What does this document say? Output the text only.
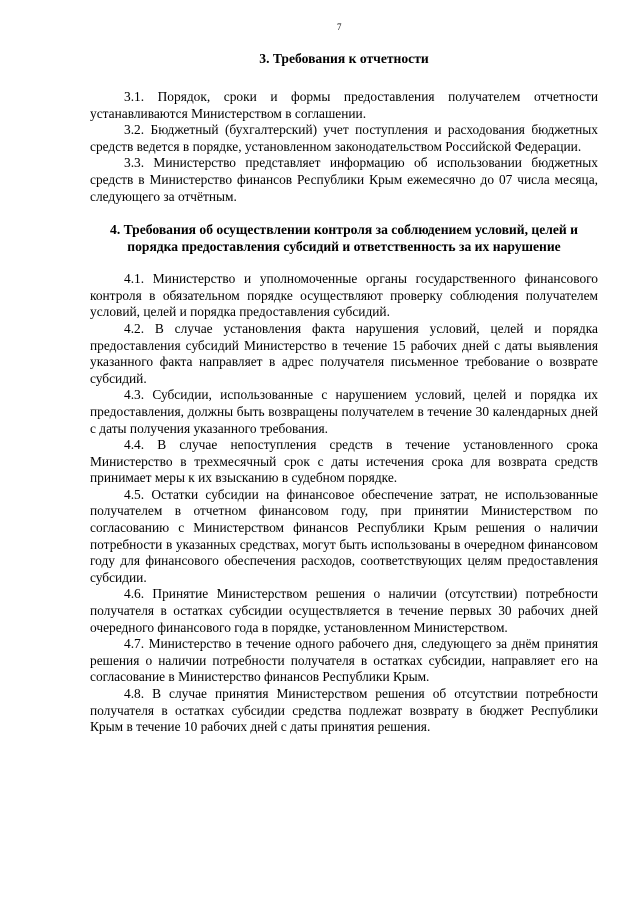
7
3. Требования к отчетности

3.1. Порядок, сроки и формы предоставления получателем отчетности устанавливаются Министерством в соглашении.

3.2. Бюджетный (бухгалтерский) учет поступления и расходования бюджетных средств ведется в порядке, установленном законодательством Российской Федерации.

3.3. Министерство представляет информацию об использовании бюджетных средств в Министерство финансов Республики Крым ежемесячно до 07 числа месяца, следующего за отчётным.

4. Требования об осуществлении контроля за соблюдением условий, целей и порядка предоставления субсидий и ответственность за их нарушение

4.1. Министерство и уполномоченные органы государственного финансового контроля в обязательном порядке осуществляют проверку соблюдения получателем условий, целей и порядка предоставления субсидий.

4.2. В случае установления факта нарушения условий, целей и порядка предоставления субсидий Министерство в течение 15 рабочих дней с даты выявления указанного факта направляет в адрес получателя письменное требование о возврате субсидий.

4.3. Субсидии, использованные с нарушением условий, целей и порядка их предоставления, должны быть возвращены получателем в течение 30 календарных дней с даты получения указанного требования.

4.4. В случае непоступления средств в течение установленного срока Министерство в трехмесячный срок с даты истечения срока для возврата средств принимает меры к их взысканию в судебном порядке.

4.5. Остатки субсидии на финансовое обеспечение затрат, не использованные получателем в отчетном финансовом году, при принятии Министерством по согласованию с Министерством финансов Республики Крым решения о наличии потребности в указанных средствах, могут быть использованы в очередном финансовом году для финансового обеспечения расходов, соответствующих целям предоставления субсидии.

4.6. Принятие Министерством решения о наличии (отсутствии) потребности получателя в остатках субсидии осуществляется в течение первых 30 рабочих дней очередного финансового года в порядке, установленном Министерством.

4.7. Министерство в течение одного рабочего дня, следующего за днём принятия решения о наличии потребности получателя в остатках субсидии, направляет его на согласование в Министерство финансов Республики Крым.

4.8. В случае принятия Министерством решения об отсутствии потребности получателя в остатках субсидии средства подлежат возврату в бюджет Республики Крым в течение 10 рабочих дней с даты принятия решения.
